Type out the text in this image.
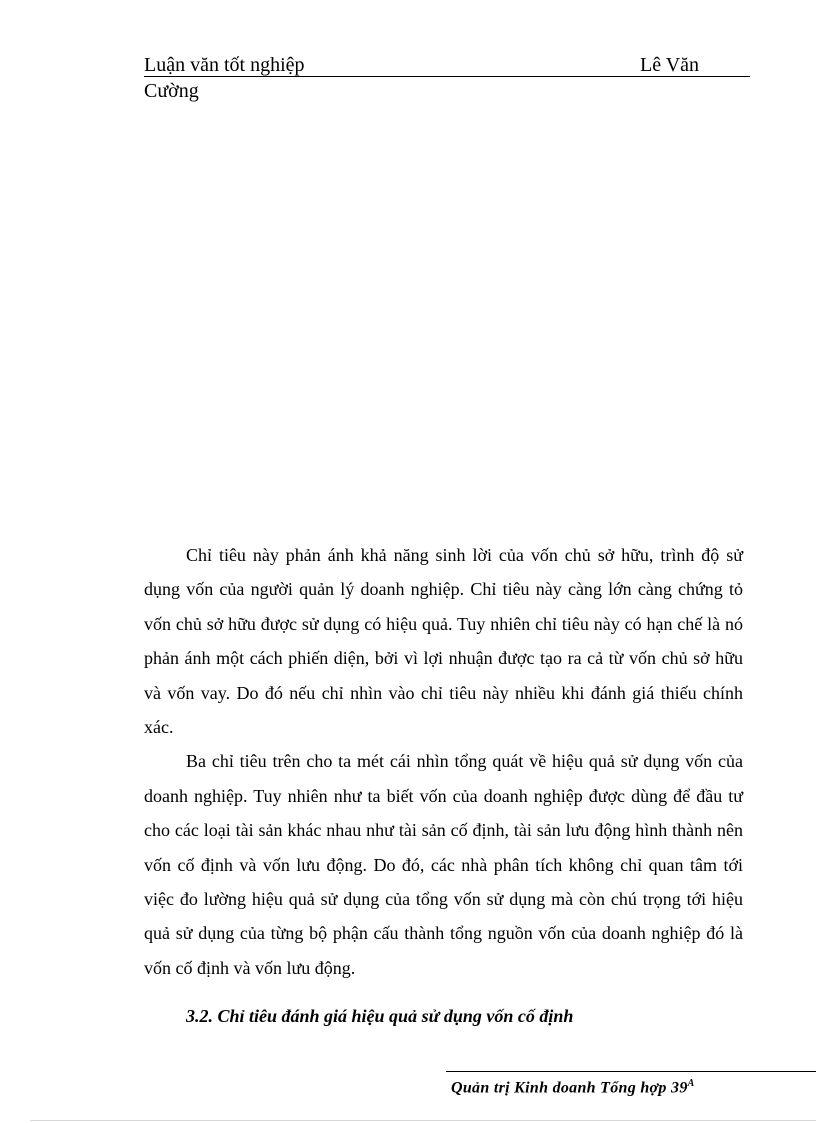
Luận văn tốt nghiệp	Lê Văn
Cường

Chỉ tiêu này phản ánh khả năng sinh lời của vốn chủ sở hữu, trình độ sử dụng vốn của người quản lý doanh nghiệp. Chỉ tiêu này càng lớn càng chứng tỏ vốn chủ sở hữu được sử dụng có hiệu quả. Tuy nhiên chỉ tiêu này có hạn chế là nó phản ánh một cách phiến diện, bởi vì lợi nhuận được tạo ra cả từ vốn chủ sở hữu và vốn vay. Do đó nếu chỉ nhìn vào chỉ tiêu này nhiều khi đánh giá thiếu chính xác.

Ba chỉ tiêu trên cho ta mét cái nhìn tổng quát về hiệu quả sử dụng vốn của doanh nghiệp. Tuy nhiên như ta biết vốn của doanh nghiệp được dùng để đầu tư cho các loại tài sản khác nhau như tài sản cố định, tài sản lưu động hình thành nên vốn cố định và vốn lưu động. Do đó, các nhà phân tích không chỉ quan tâm tới việc đo lường hiệu quả sử dụng của tổng vốn sử dụng mà còn chú trọng tới hiệu quả sử dụng của từng bộ phận cấu thành tổng nguồn vốn của doanh nghiệp đó là vốn cố định và vốn lưu động.

3.2. Chỉ tiêu đánh giá hiệu quả sử dụng vốn cố định
Quản trị Kinh doanh Tổng hợp $39^A$
